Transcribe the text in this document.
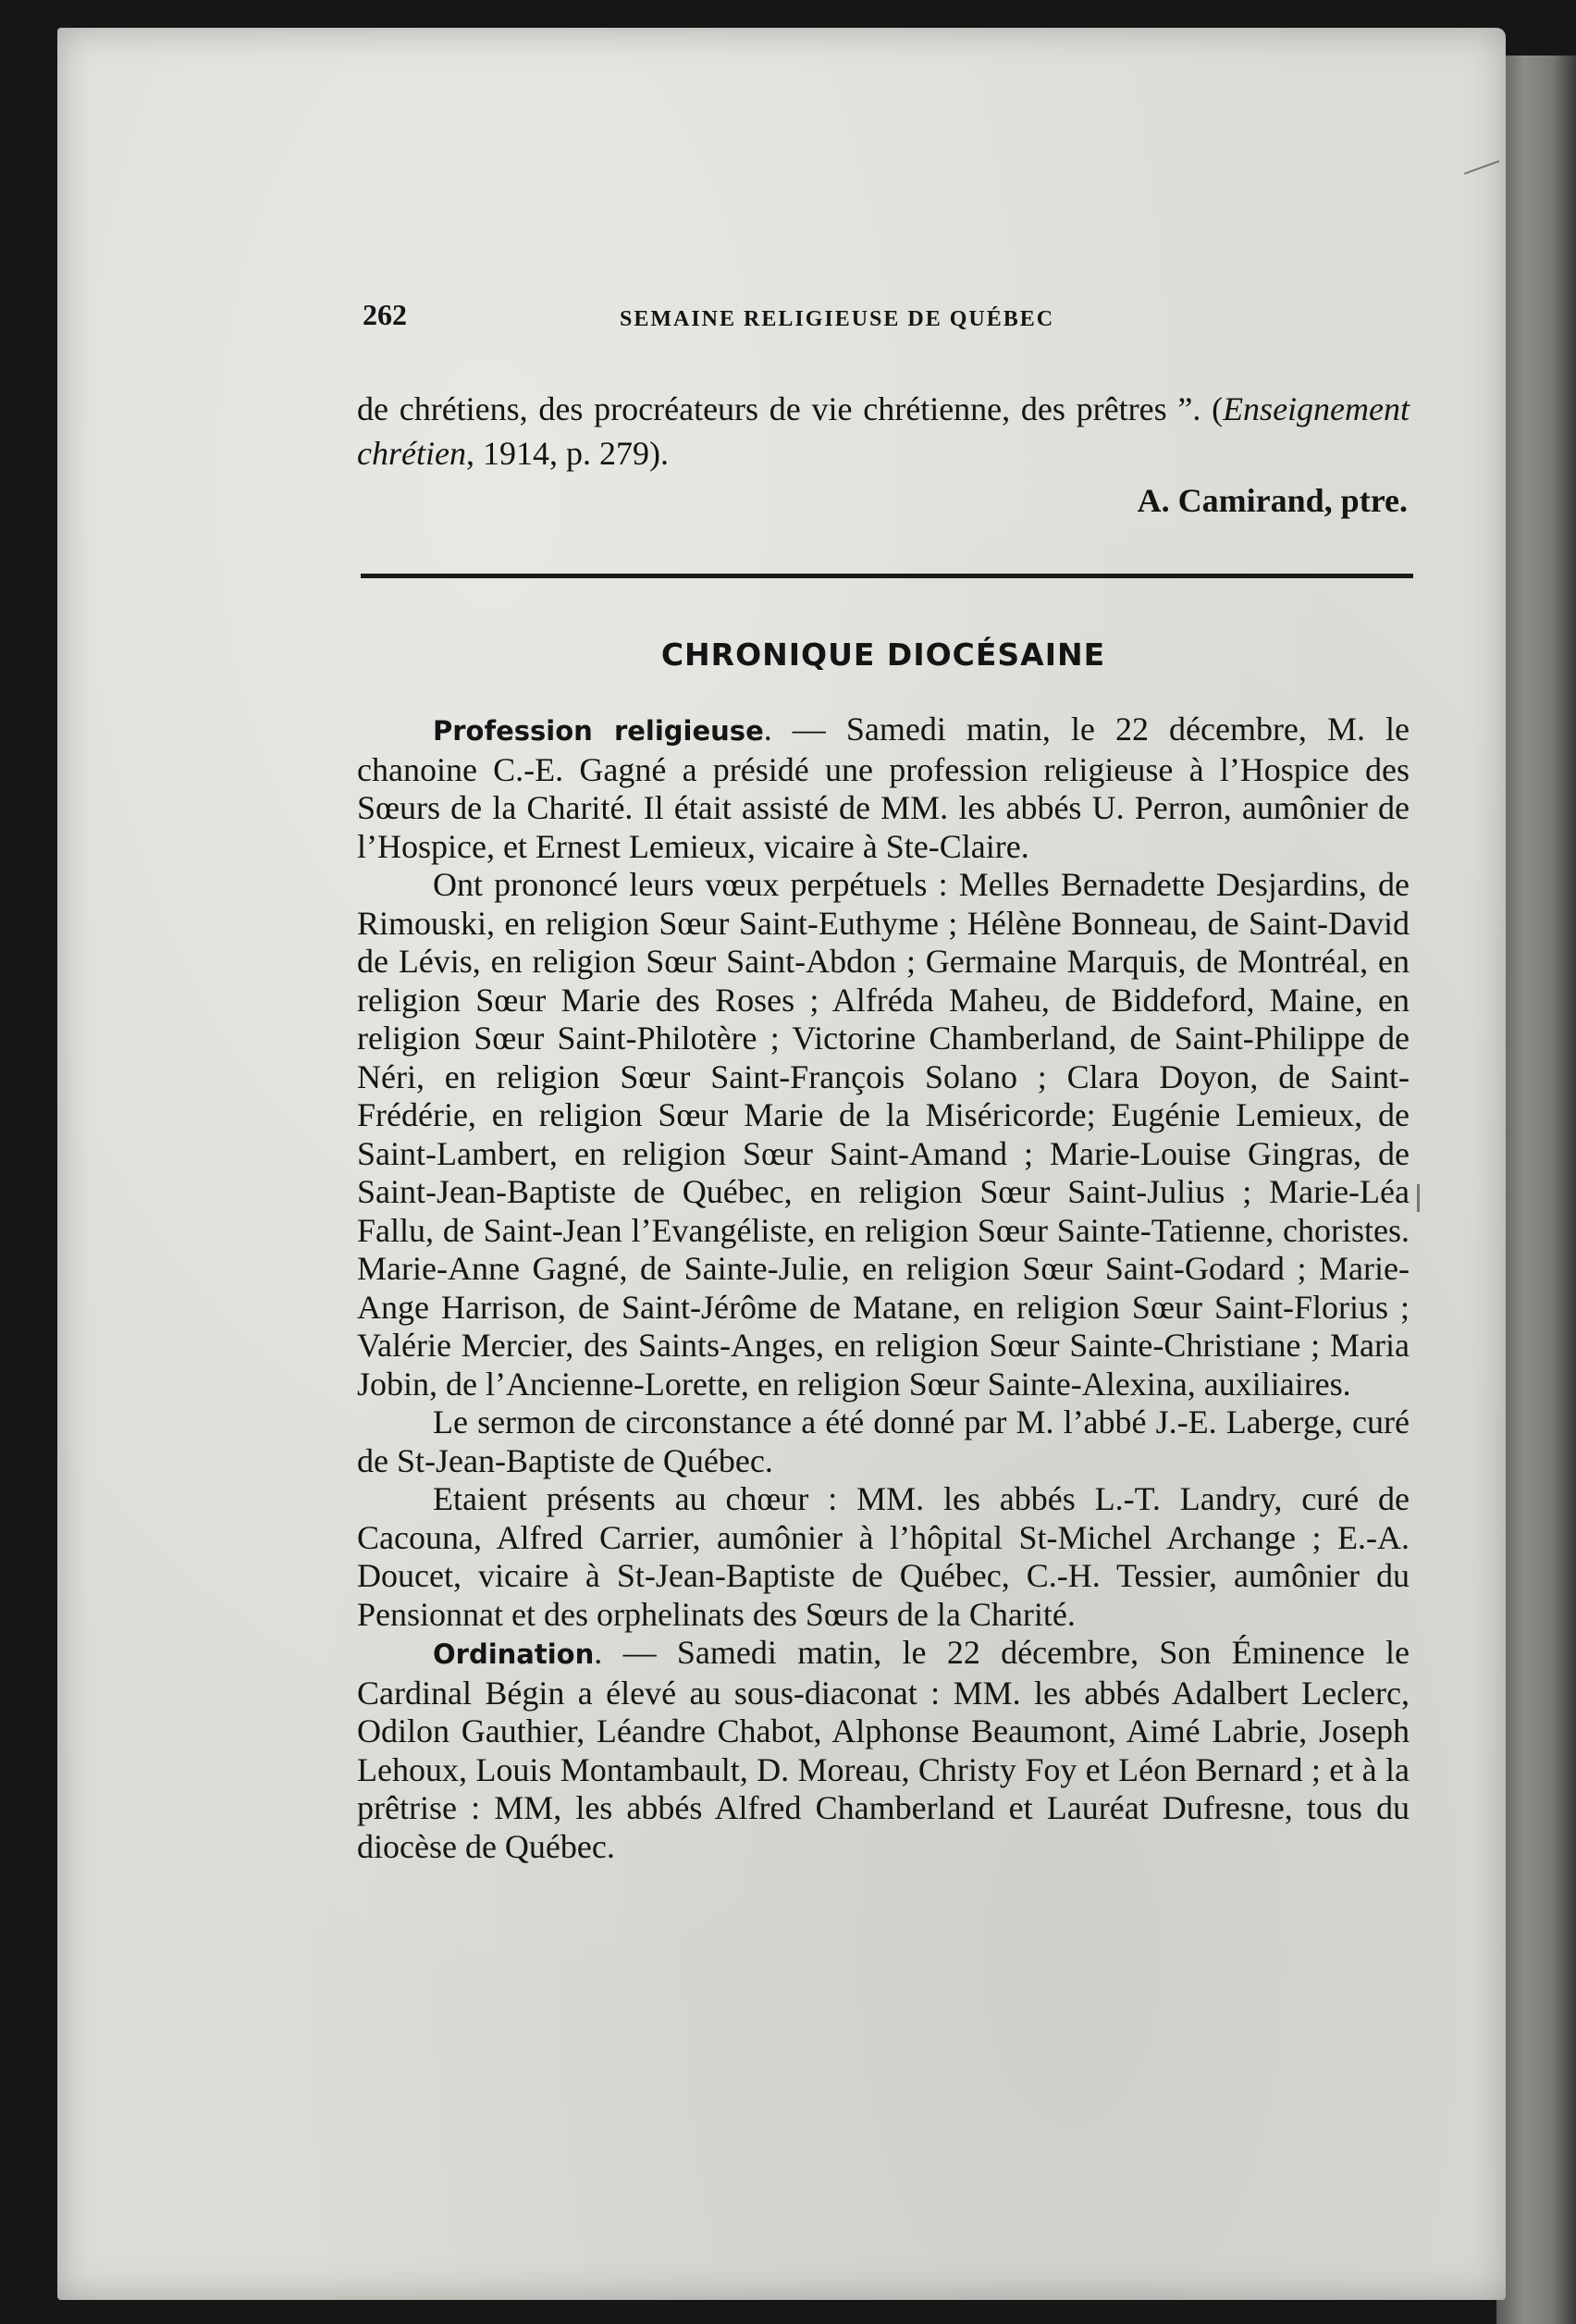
262	SEMAINE RELIGIEUSE DE QUÉBEC
de chrétiens, des procréateurs de vie chrétienne, des prêtres ”. (Enseignement chrétien, 1914, p. 279).
A. Camirand, ptre.
CHRONIQUE DIOCÉSAINE

Profession religieuse. — Samedi matin, le 22 décembre, M. le chanoine C.-E. Gagné a présidé une profession religieuse à l’Hospice des Sœurs de la Charité. Il était assisté de MM. les abbés U. Perron, aumônier de l’Hospice, et Ernest Lemieux, vicaire à Ste-Claire.

Ont prononcé leurs vœux perpétuels : Melles Bernadette Desjardins, de Rimouski, en religion Sœur Saint-Euthyme ; Hélène Bonneau, de Saint-David de Lévis, en religion Sœur Saint-Abdon ; Germaine Marquis, de Montréal, en religion Sœur Marie des Roses ; Alfréda Maheu, de Biddeford, Maine, en religion Sœur Saint-Philotère ; Victorine Chamberland, de Saint-Philippe de Néri, en religion Sœur Saint-François Solano ; Clara Doyon, de Saint-Frédérie, en religion Sœur Marie de la Miséricorde; Eugénie Lemieux, de Saint-Lambert, en religion Sœur Saint-Amand ; Marie-Louise Gingras, de Saint-Jean-Baptiste de Québec, en religion Sœur Saint-Julius ; Marie-Léa Fallu, de Saint-Jean l’Evangéliste, en religion Sœur Sainte-Tatienne, choristes. Marie-Anne Gagné, de Sainte-Julie, en religion Sœur Saint-Godard ; Marie-Ange Harrison, de Saint-Jérôme de Matane, en religion Sœur Saint-Florius ; Valérie Mercier, des Saints-Anges, en religion Sœur Sainte-Christiane ; Maria Jobin, de l’Ancienne-Lorette, en religion Sœur Sainte-Alexina, auxiliaires.

Le sermon de circonstance a été donné par M. l’abbé J.-E. Laberge, curé de St-Jean-Baptiste de Québec.

Etaient présents au chœur : MM. les abbés L.-T. Landry, curé de Cacouna, Alfred Carrier, aumônier à l’hôpital St-Michel Archange ; E.-A. Doucet, vicaire à St-Jean-Baptiste de Québec, C.-H. Tessier, aumônier du Pensionnat et des orphelinats des Sœurs de la Charité.

Ordination. — Samedi matin, le 22 décembre, Son Éminence le Cardinal Bégin a élevé au sous-diaconat : MM. les abbés Adalbert Leclerc, Odilon Gauthier, Léandre Chabot, Alphonse Beaumont, Aimé Labrie, Joseph Lehoux, Louis Montambault, D. Moreau, Christy Foy et Léon Bernard ; et à la prêtrise : MM, les abbés Alfred Chamberland et Lauréat Dufresne, tous du diocèse de Québec.
